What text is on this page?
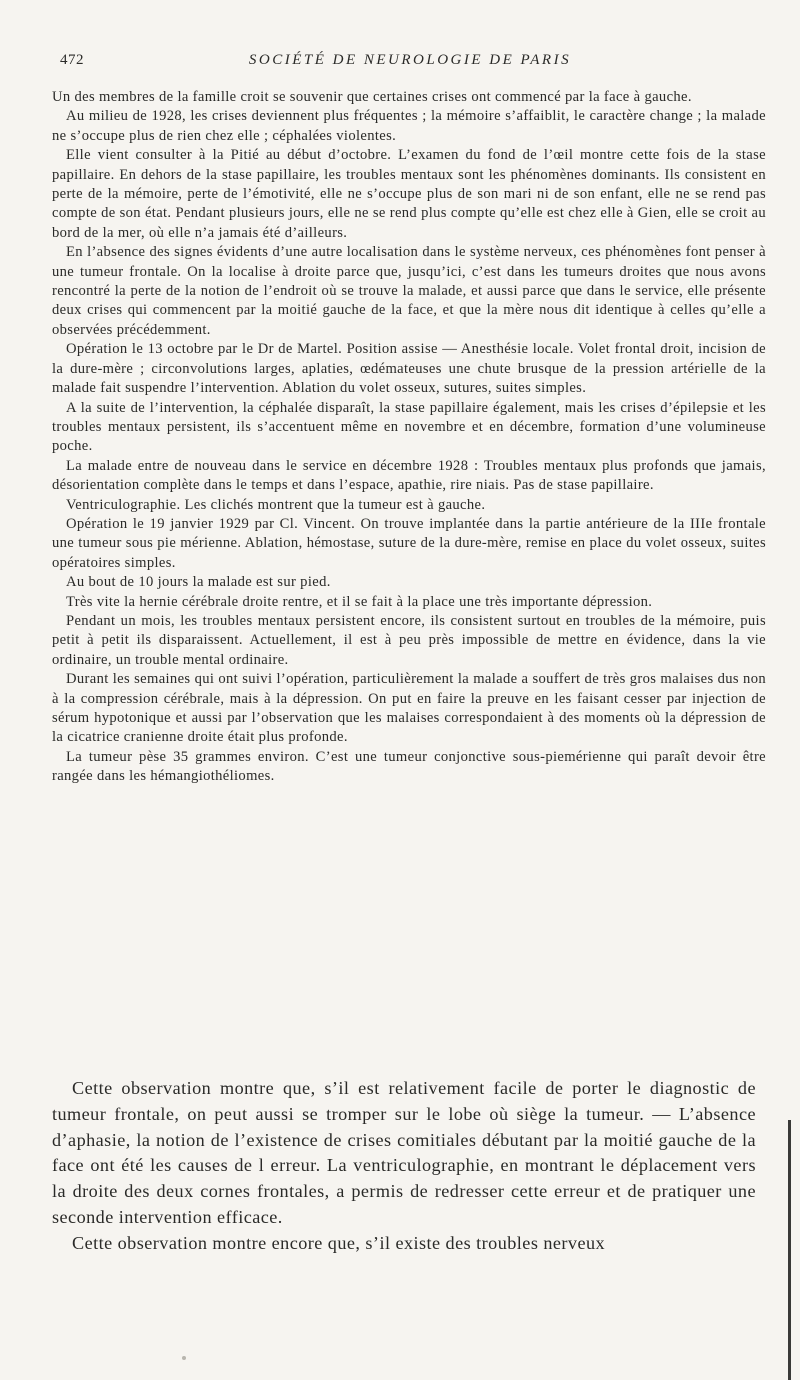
472	SOCIÉTÉ DE NEUROLOGIE DE PARIS

Un des membres de la famille croit se souvenir que certaines crises ont commencé par la face à gauche.

Au milieu de 1928, les crises deviennent plus fréquentes ; la mémoire s’affaiblit, le caractère change ; la malade ne s’occupe plus de rien chez elle ; céphalées violentes.

Elle vient consulter à la Pitié au début d’octobre. L’examen du fond de l’œil montre cette fois de la stase papillaire. En dehors de la stase papillaire, les troubles mentaux sont les phénomènes dominants. Ils consistent en perte de la mémoire, perte de l’émotivité, elle ne s’occupe plus de son mari ni de son enfant, elle ne se rend pas compte de son état. Pendant plusieurs jours, elle ne se rend plus compte qu’elle est chez elle à Gien, elle se croit au bord de la mer, où elle n’a jamais été d’ailleurs.

En l’absence des signes évidents d’une autre localisation dans le système nerveux, ces phénomènes font penser à une tumeur frontale. On la localise à droite parce que, jusqu’ici, c’est dans les tumeurs droites que nous avons rencontré la perte de la notion de l’endroit où se trouve la malade, et aussi parce que dans le service, elle présente deux crises qui commencent par la moitié gauche de la face, et que la mère nous dit identique à celles qu’elle a observées précédemment.

Opération le 13 octobre par le Dr de Martel. Position assise — Anesthésie locale. Volet frontal droit, incision de la dure-mère ; circonvolutions larges, aplaties, œdémateuses une chute brusque de la pression artérielle de la malade fait suspendre l’intervention. Ablation du volet osseux, sutures, suites simples.

A la suite de l’intervention, la céphalée disparaît, la stase papillaire également, mais les crises d’épilepsie et les troubles mentaux persistent, ils s’accentuent même en novembre et en décembre, formation d’une volumineuse poche.

La malade entre de nouveau dans le service en décembre 1928 : Troubles mentaux plus profonds que jamais, désorientation complète dans le temps et dans l’espace, apathie, rire niais. Pas de stase papillaire.

Ventriculographie. Les clichés montrent que la tumeur est à gauche.

Opération le 19 janvier 1929 par Cl. Vincent. On trouve implantée dans la partie antérieure de la IIIe frontale une tumeur sous pie mérienne. Ablation, hémostase, suture de la dure-mère, remise en place du volet osseux, suites opératoires simples.

Au bout de 10 jours la malade est sur pied.

Très vite la hernie cérébrale droite rentre, et il se fait à la place une très importante dépression.

Pendant un mois, les troubles mentaux persistent encore, ils consistent surtout en troubles de la mémoire, puis petit à petit ils disparaissent. Actuellement, il est à peu près impossible de mettre en évidence, dans la vie ordinaire, un trouble mental ordinaire.

Durant les semaines qui ont suivi l’opération, particulièrement la malade a souffert de très gros malaises dus non à la compression cérébrale, mais à la dépression. On put en faire la preuve en les faisant cesser par injection de sérum hypotonique et aussi par l’observation que les malaises correspondaient à des moments où la dépression de la cicatrice cranienne droite était plus profonde.

La tumeur pèse 35 grammes environ. C’est une tumeur conjonctive sous-piemérienne qui paraît devoir être rangée dans les hémangiothéliomes.

Cette observation montre que, s’il est relativement facile de porter le diagnostic de tumeur frontale, on peut aussi se tromper sur le lobe où siège la tumeur. — L’absence d’aphasie, la notion de l’existence de crises comitiales débutant par la moitié gauche de la face ont été les causes de l erreur. La ventriculographie, en montrant le déplacement vers la droite des deux cornes frontales, a permis de redresser cette erreur et de pratiquer une seconde intervention efficace.

Cette observation montre encore que, s’il existe des troubles nerveux
